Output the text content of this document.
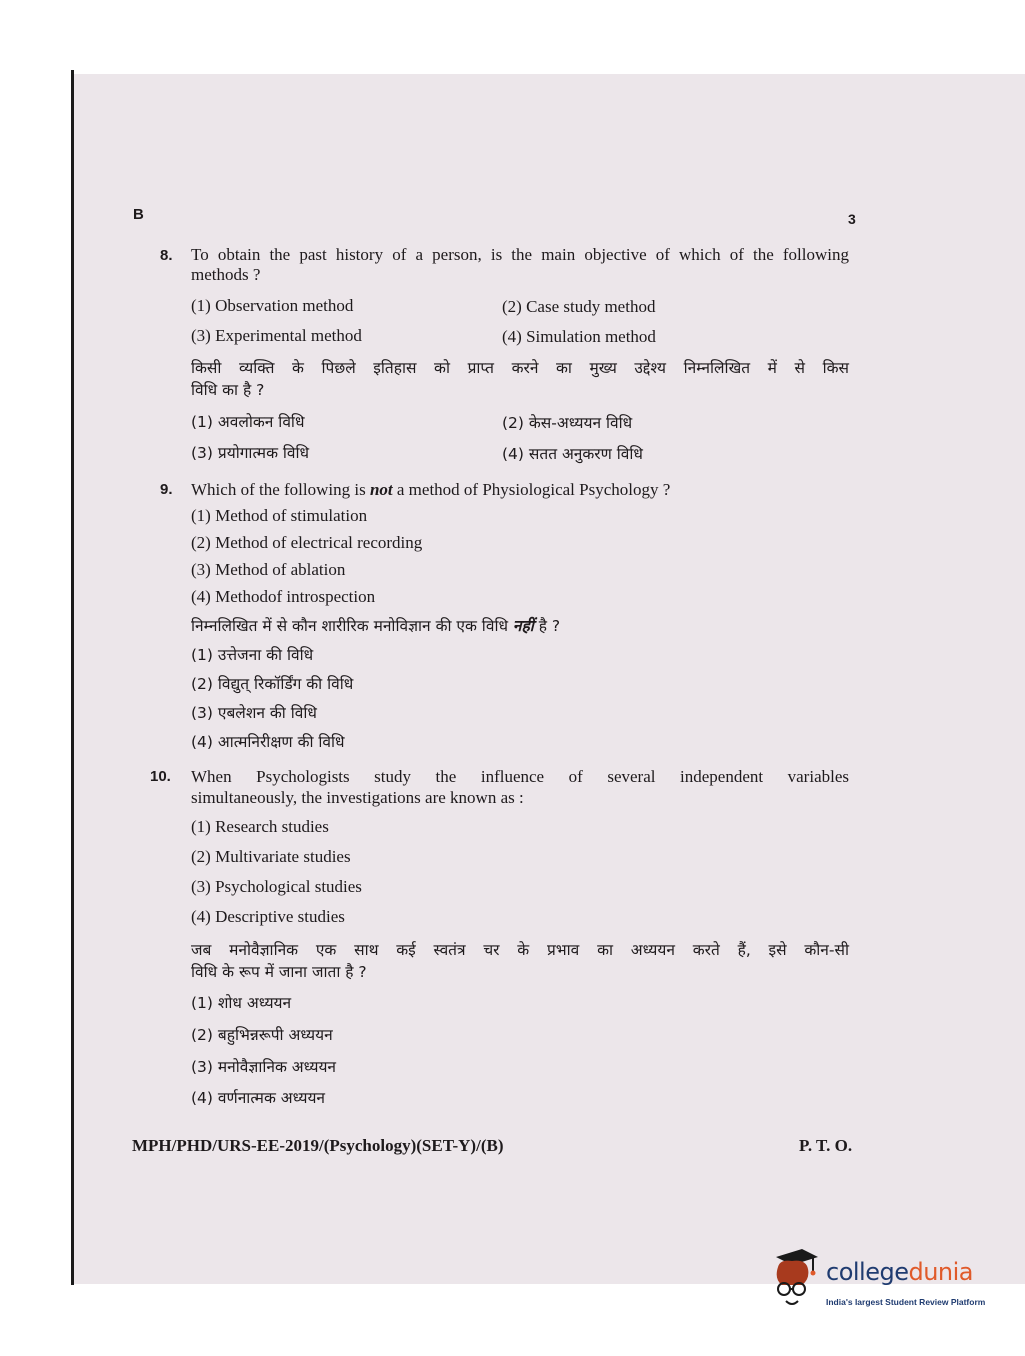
B	3
8. To obtain the past history of a person, is the main objective of which of the following
methods ?
(1) Observation method	(2) Case study method
(3) Experimental method	(4) Simulation method
किसी व्यक्ति के पिछले इतिहास को प्राप्त करने का मुख्य उद्देश्य निम्नलिखित में से किस
विधि का है ?
(1) अवलोकन विधि	(2) केस-अध्ययन विधि
(3) प्रयोगात्मक विधि	(4) सतत अनुकरण विधि
9. Which of the following is not a method of Physiological Psychology ?
(1) Method of stimulation
(2) Method of electrical recording
(3) Method of ablation
(4) Methodof introspection
निम्नलिखित में से कौन शारीरिक मनोविज्ञान की एक विधि नहीं है ?
(1) उत्तेजना की विधि
(2) विद्युत् रिकॉर्डिंग की विधि
(3) एबलेशन की विधि
(4) आत्मनिरीक्षण की विधि
10. When Psychologists study the influence of several independent variables
simultaneously, the investigations are known as :
(1) Research studies
(2) Multivariate studies
(3) Psychological studies
(4) Descriptive studies
जब मनोवैज्ञानिक एक साथ कई स्वतंत्र चर के प्रभाव का अध्ययन करते हैं, इसे कौन-सी
विधि के रूप में जाना जाता है ?
(1) शोध अध्ययन
(2) बहुभिन्नरूपी अध्ययन
(3) मनोवैज्ञानिक अध्ययन
(4) वर्णनात्मक अध्ययन
MPH/PHD/URS-EE-2019/(Psychology)(SET-Y)/(B)	P. T. O.
collegedunia
India's largest Student Review Platform
